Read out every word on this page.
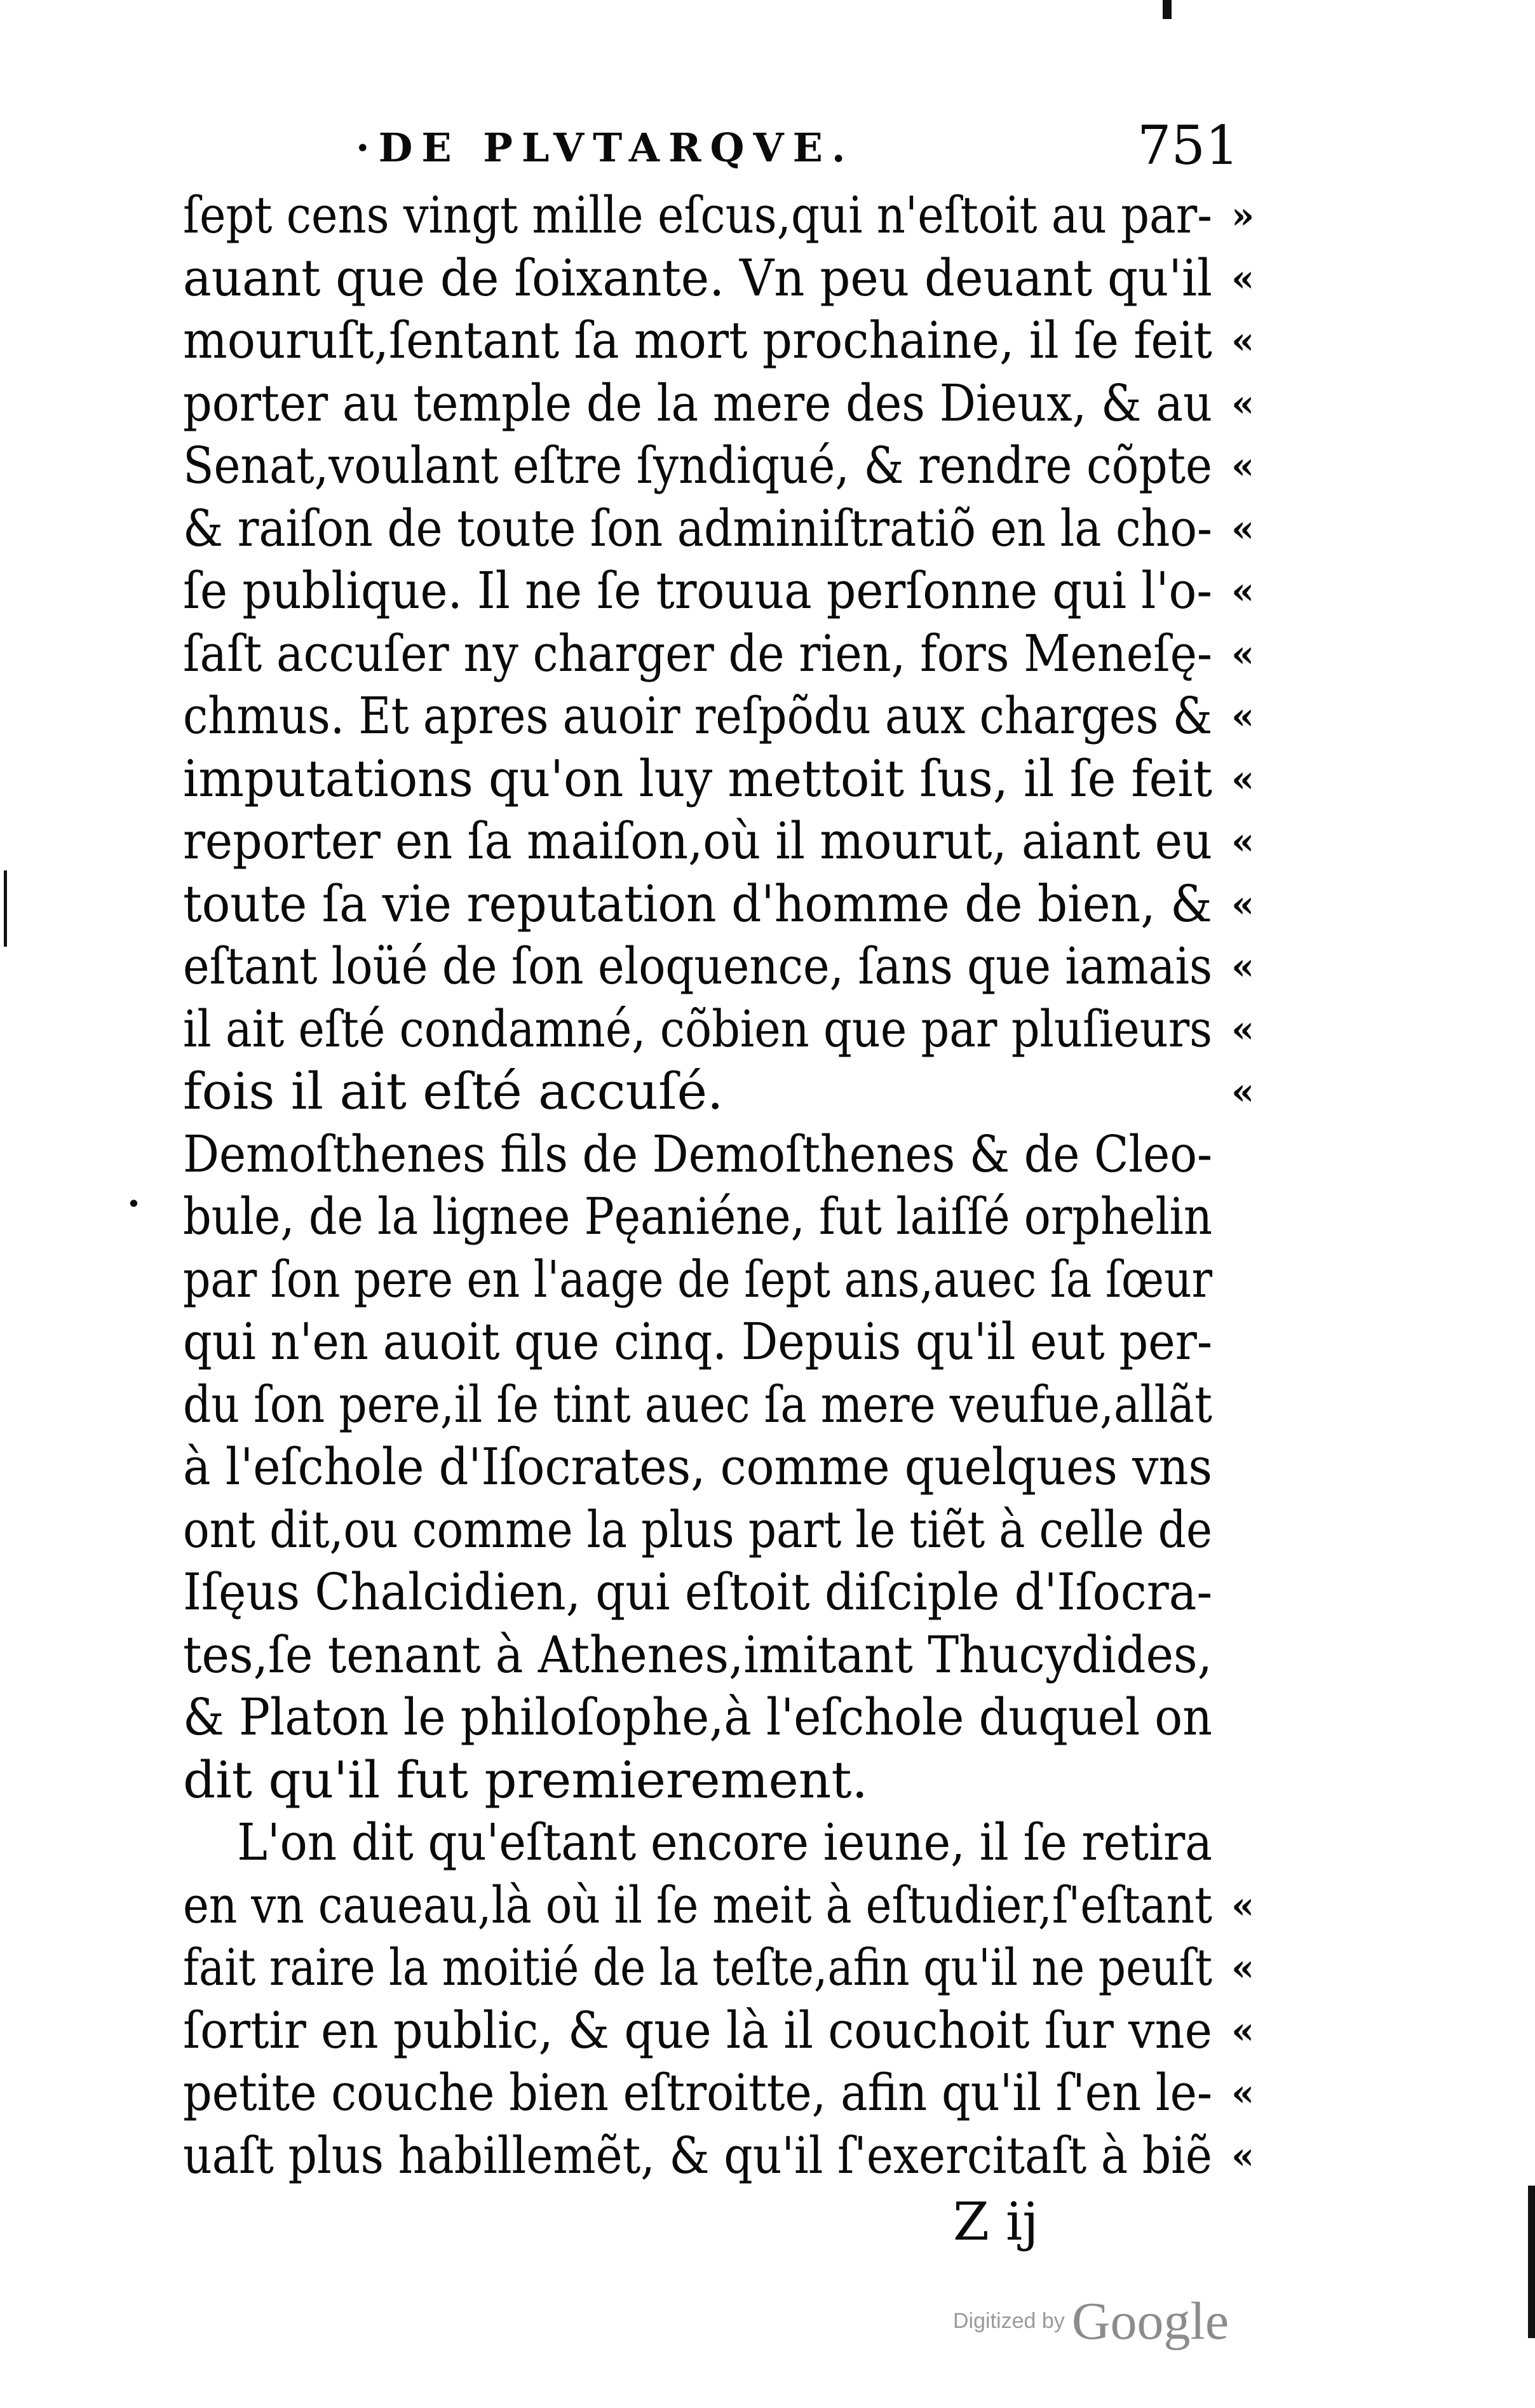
·DE PLVTARQVE.	751
ſept cens vingt mille eſcus,qui n'eſtoit au par- »
auant que de ſoixante. Vn peu deuant qu'il «
mouruſt,ſentant ſa mort prochaine, il ſe feit «
porter au temple de la mere des Dieux, & au «
Senat,voulant eſtre ſyndiqué, & rendre cõpte «
& raiſon de toute ſon adminiſtratiõ en la cho- «
ſe publique. Il ne ſe trouua perſonne qui l'o- «
ſaſt accuſer ny charger de rien, fors Meneſę- «
chmus. Et apres auoir reſpõdu aux charges & «
imputations qu'on luy mettoit ſus, il ſe feit «
reporter en ſa maiſon,où il mourut, aiant eu «
toute ſa vie reputation d'homme de bien, & «
eſtant loüé de ſon eloquence, ſans que iamais «
il ait eſté condamné, cõbien que par pluſieurs «
fois il ait eſté accuſé.	«
Demoſthenes fils de Demoſthenes & de Cleo-
bule, de la lignee Pęaniéne, fut laiſſé orphelin
par ſon pere en l'aage de ſept ans,auec ſa ſœur
qui n'en auoit que cinq. Depuis qu'il eut per-
du ſon pere,il ſe tint auec ſa mere veufue,allãt
à l'eſchole d'Iſocrates, comme quelques vns
ont dit,ou comme la plus part le tiẽt à celle de
Iſęus Chalcidien, qui eſtoit diſciple d'Iſocra-
tes,ſe tenant à Athenes,imitant Thucydides,
& Platon le philoſophe,à l'eſchole duquel on
dit qu'il fut premierement.
L'on dit qu'eſtant encore ieune, il ſe retira
en vn caueau,là où il ſe meit à eſtudier,ſ'eſtant «
fait raire la moitié de la teſte,afin qu'il ne peuſt «
ſortir en public, & que là il couchoit ſur vne «
petite couche bien eſtroitte, afin qu'il ſ'en le- «
uaſt plus habillemẽt, & qu'il ſ'exercitaſt à biẽ «
·
Z ij
Digitized by Google
